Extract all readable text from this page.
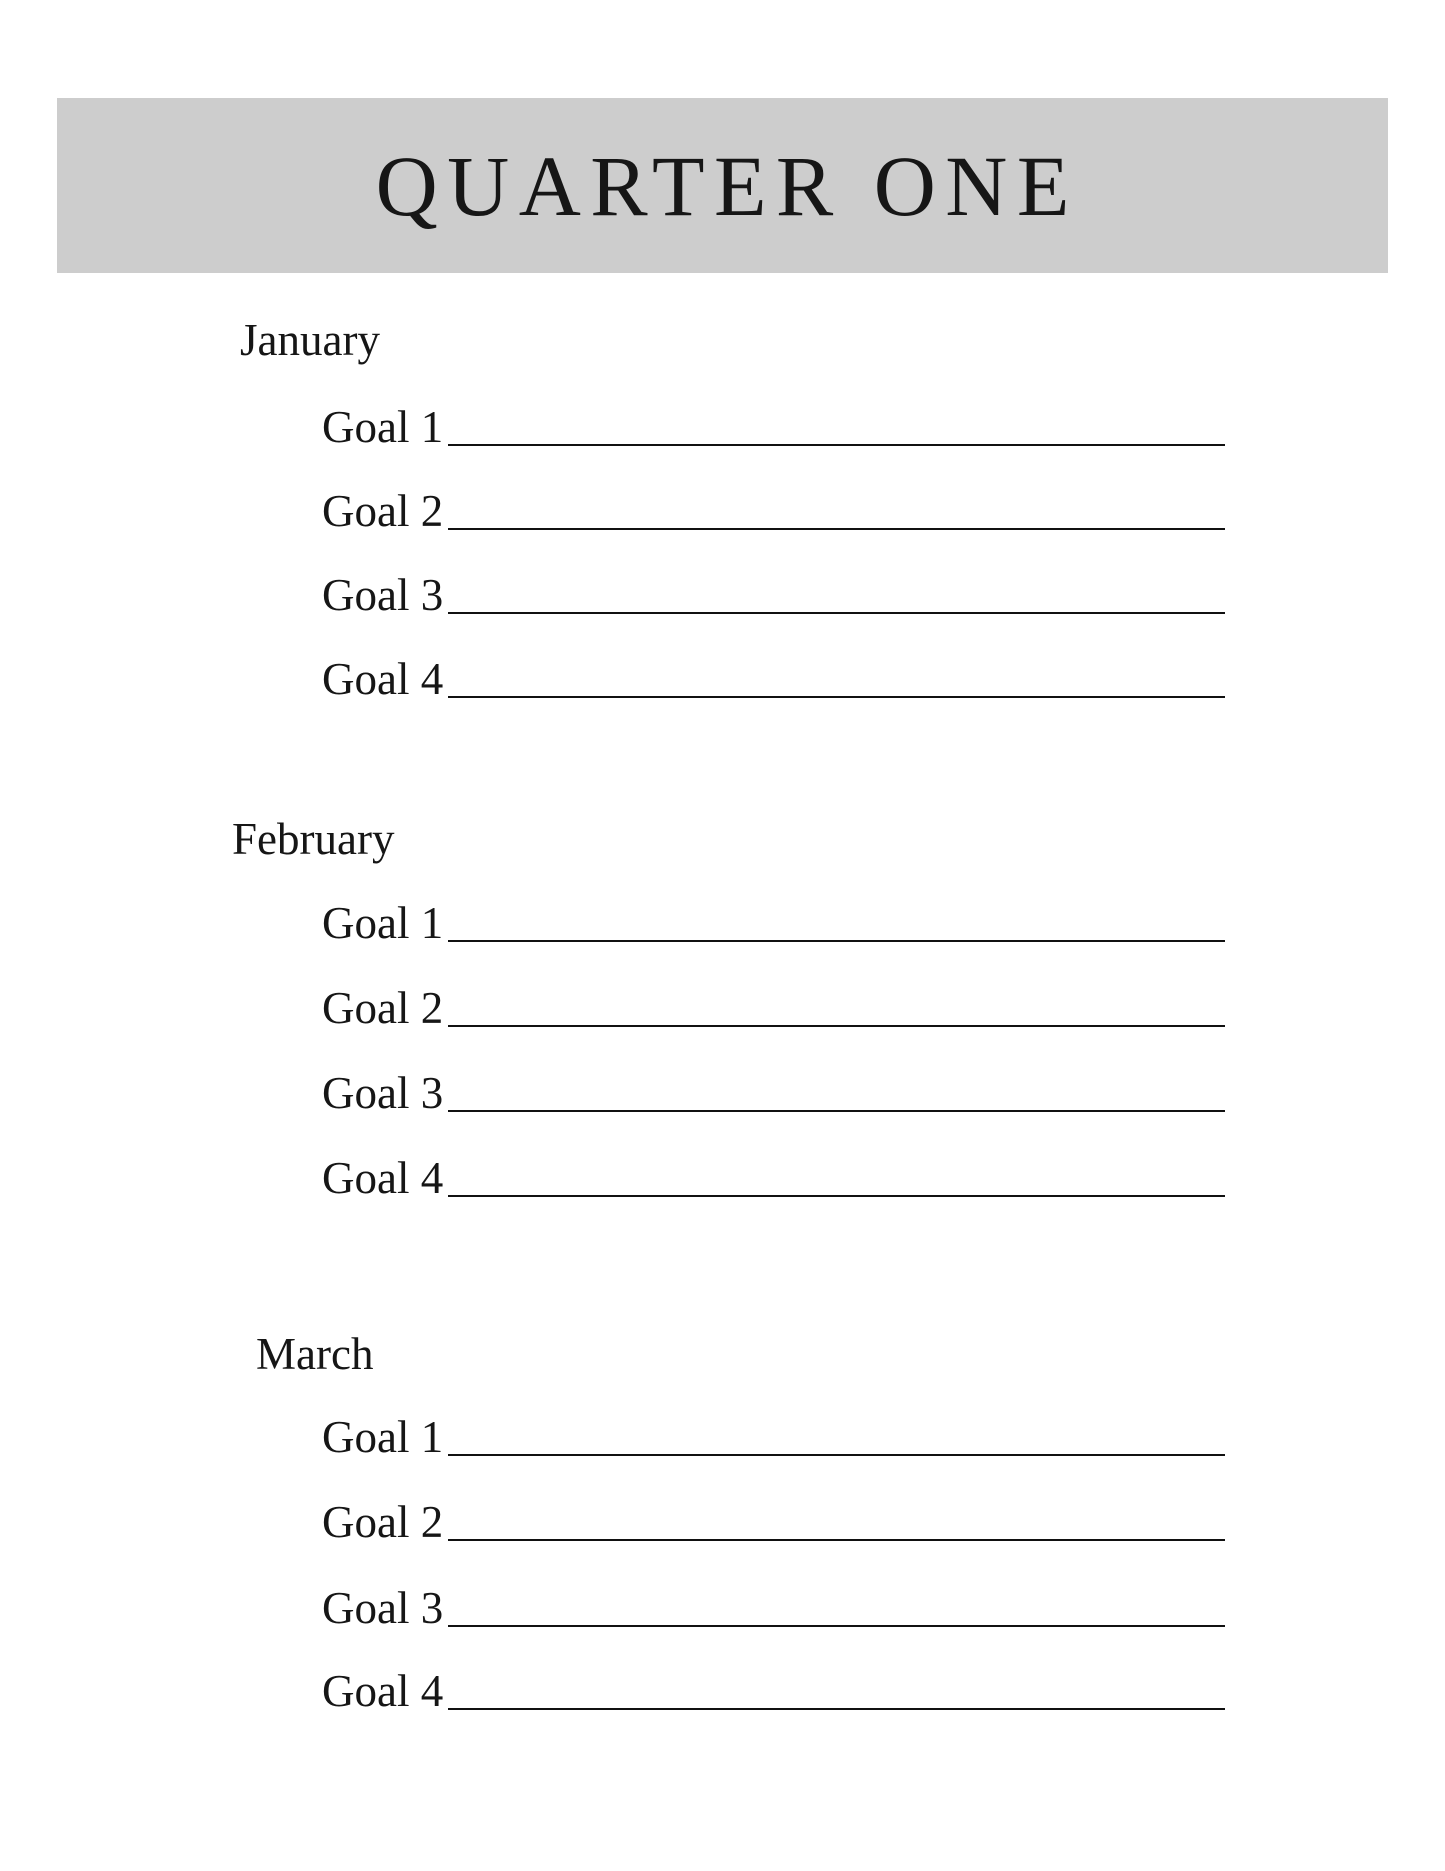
QUARTER ONE
January
Goal 1
Goal 2
Goal 3
Goal 4
February
Goal 1
Goal 2
Goal 3
Goal 4
March
Goal 1
Goal 2
Goal 3
Goal 4
